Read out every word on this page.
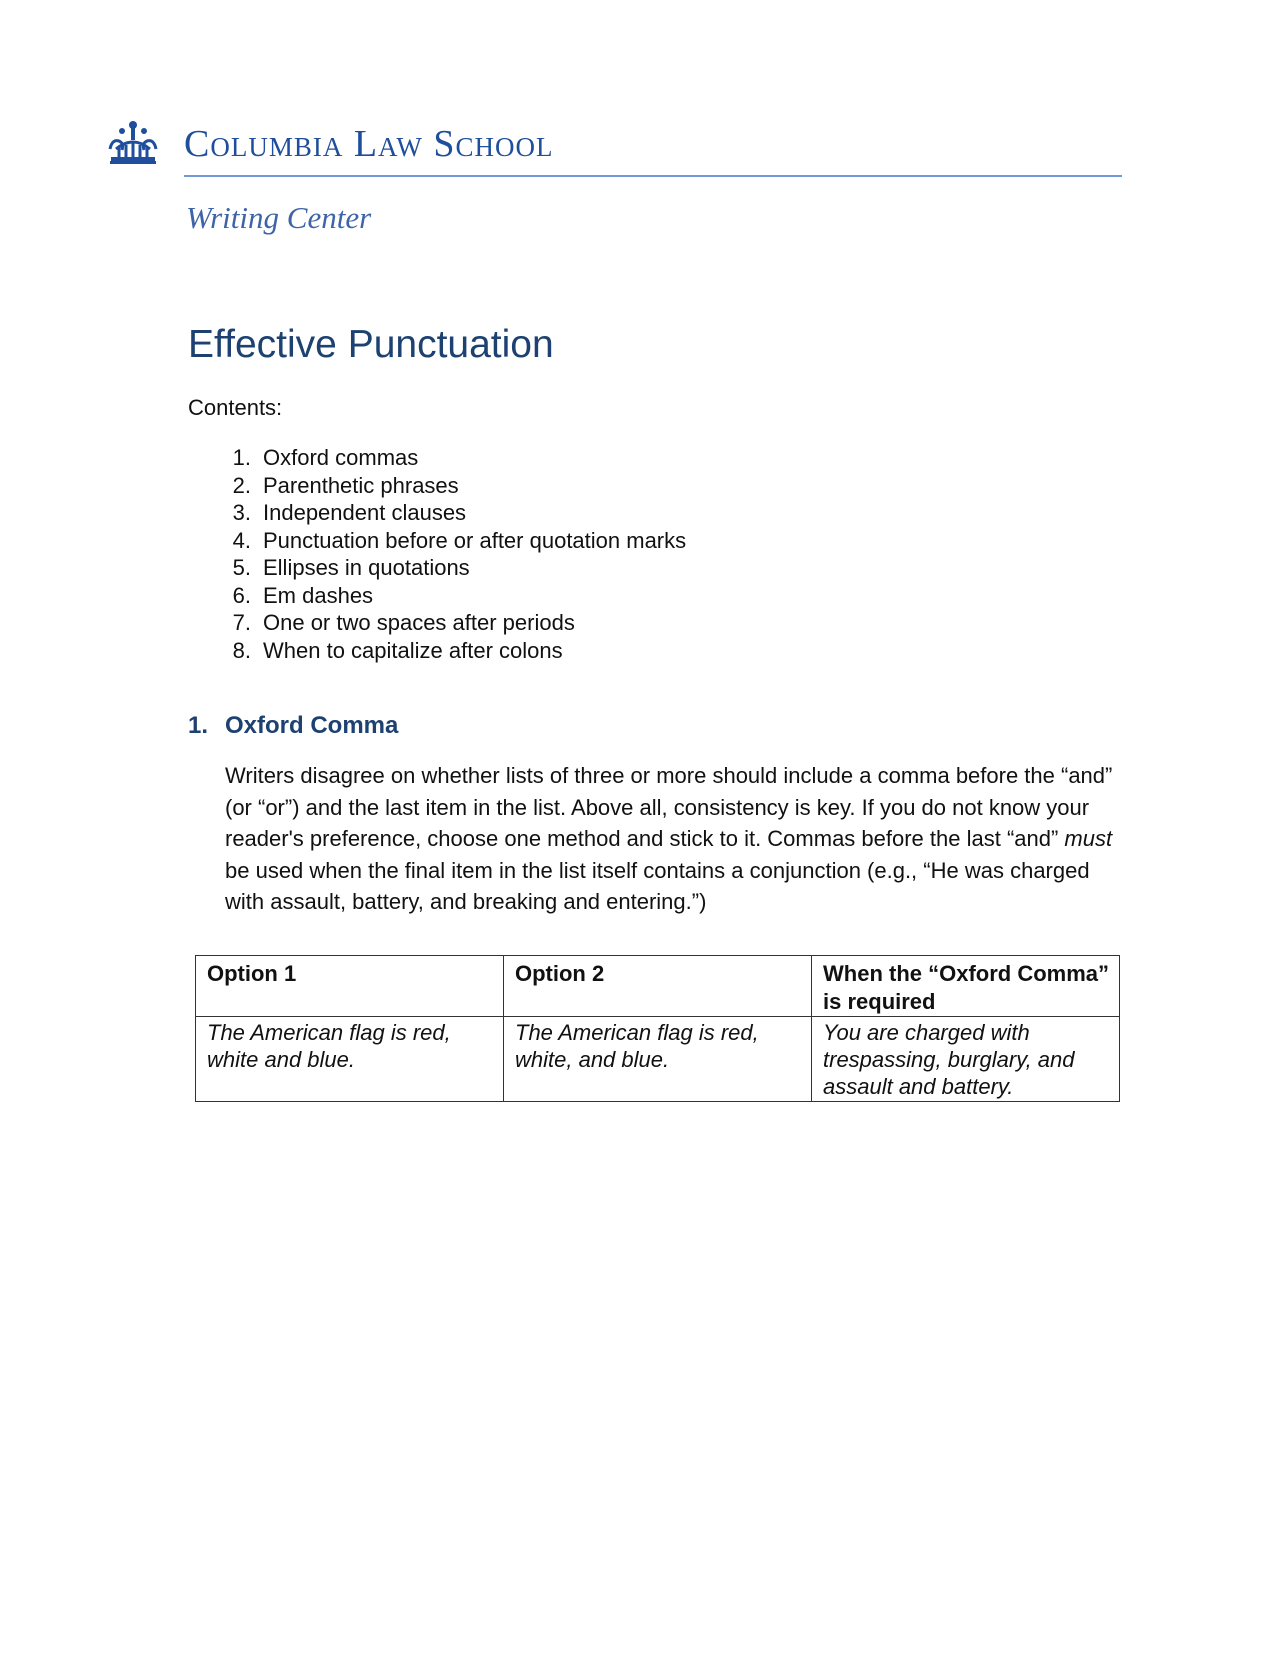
Columbia Law School
Writing Center
Effective Punctuation
Contents:
1. Oxford commas
2. Parenthetic phrases
3. Independent clauses
4. Punctuation before or after quotation marks
5. Ellipses in quotations
6. Em dashes
7. One or two spaces after periods
8. When to capitalize after colons
1. Oxford Comma

Writers disagree on whether lists of three or more should include a comma before the “and” (or “or”) and the last item in the list. Above all, consistency is key. If you do not know your reader's preference, choose one method and stick to it. Commas before the last “and” must be used when the final item in the list itself contains a conjunction (e.g., “He was charged with assault, battery, and breaking and entering.”)

Option 1	Option 2	When the “Oxford Comma” is required
The American flag is red, white and blue.	The American flag is red, white, and blue.	You are charged with trespassing, burglary, and assault and battery.
